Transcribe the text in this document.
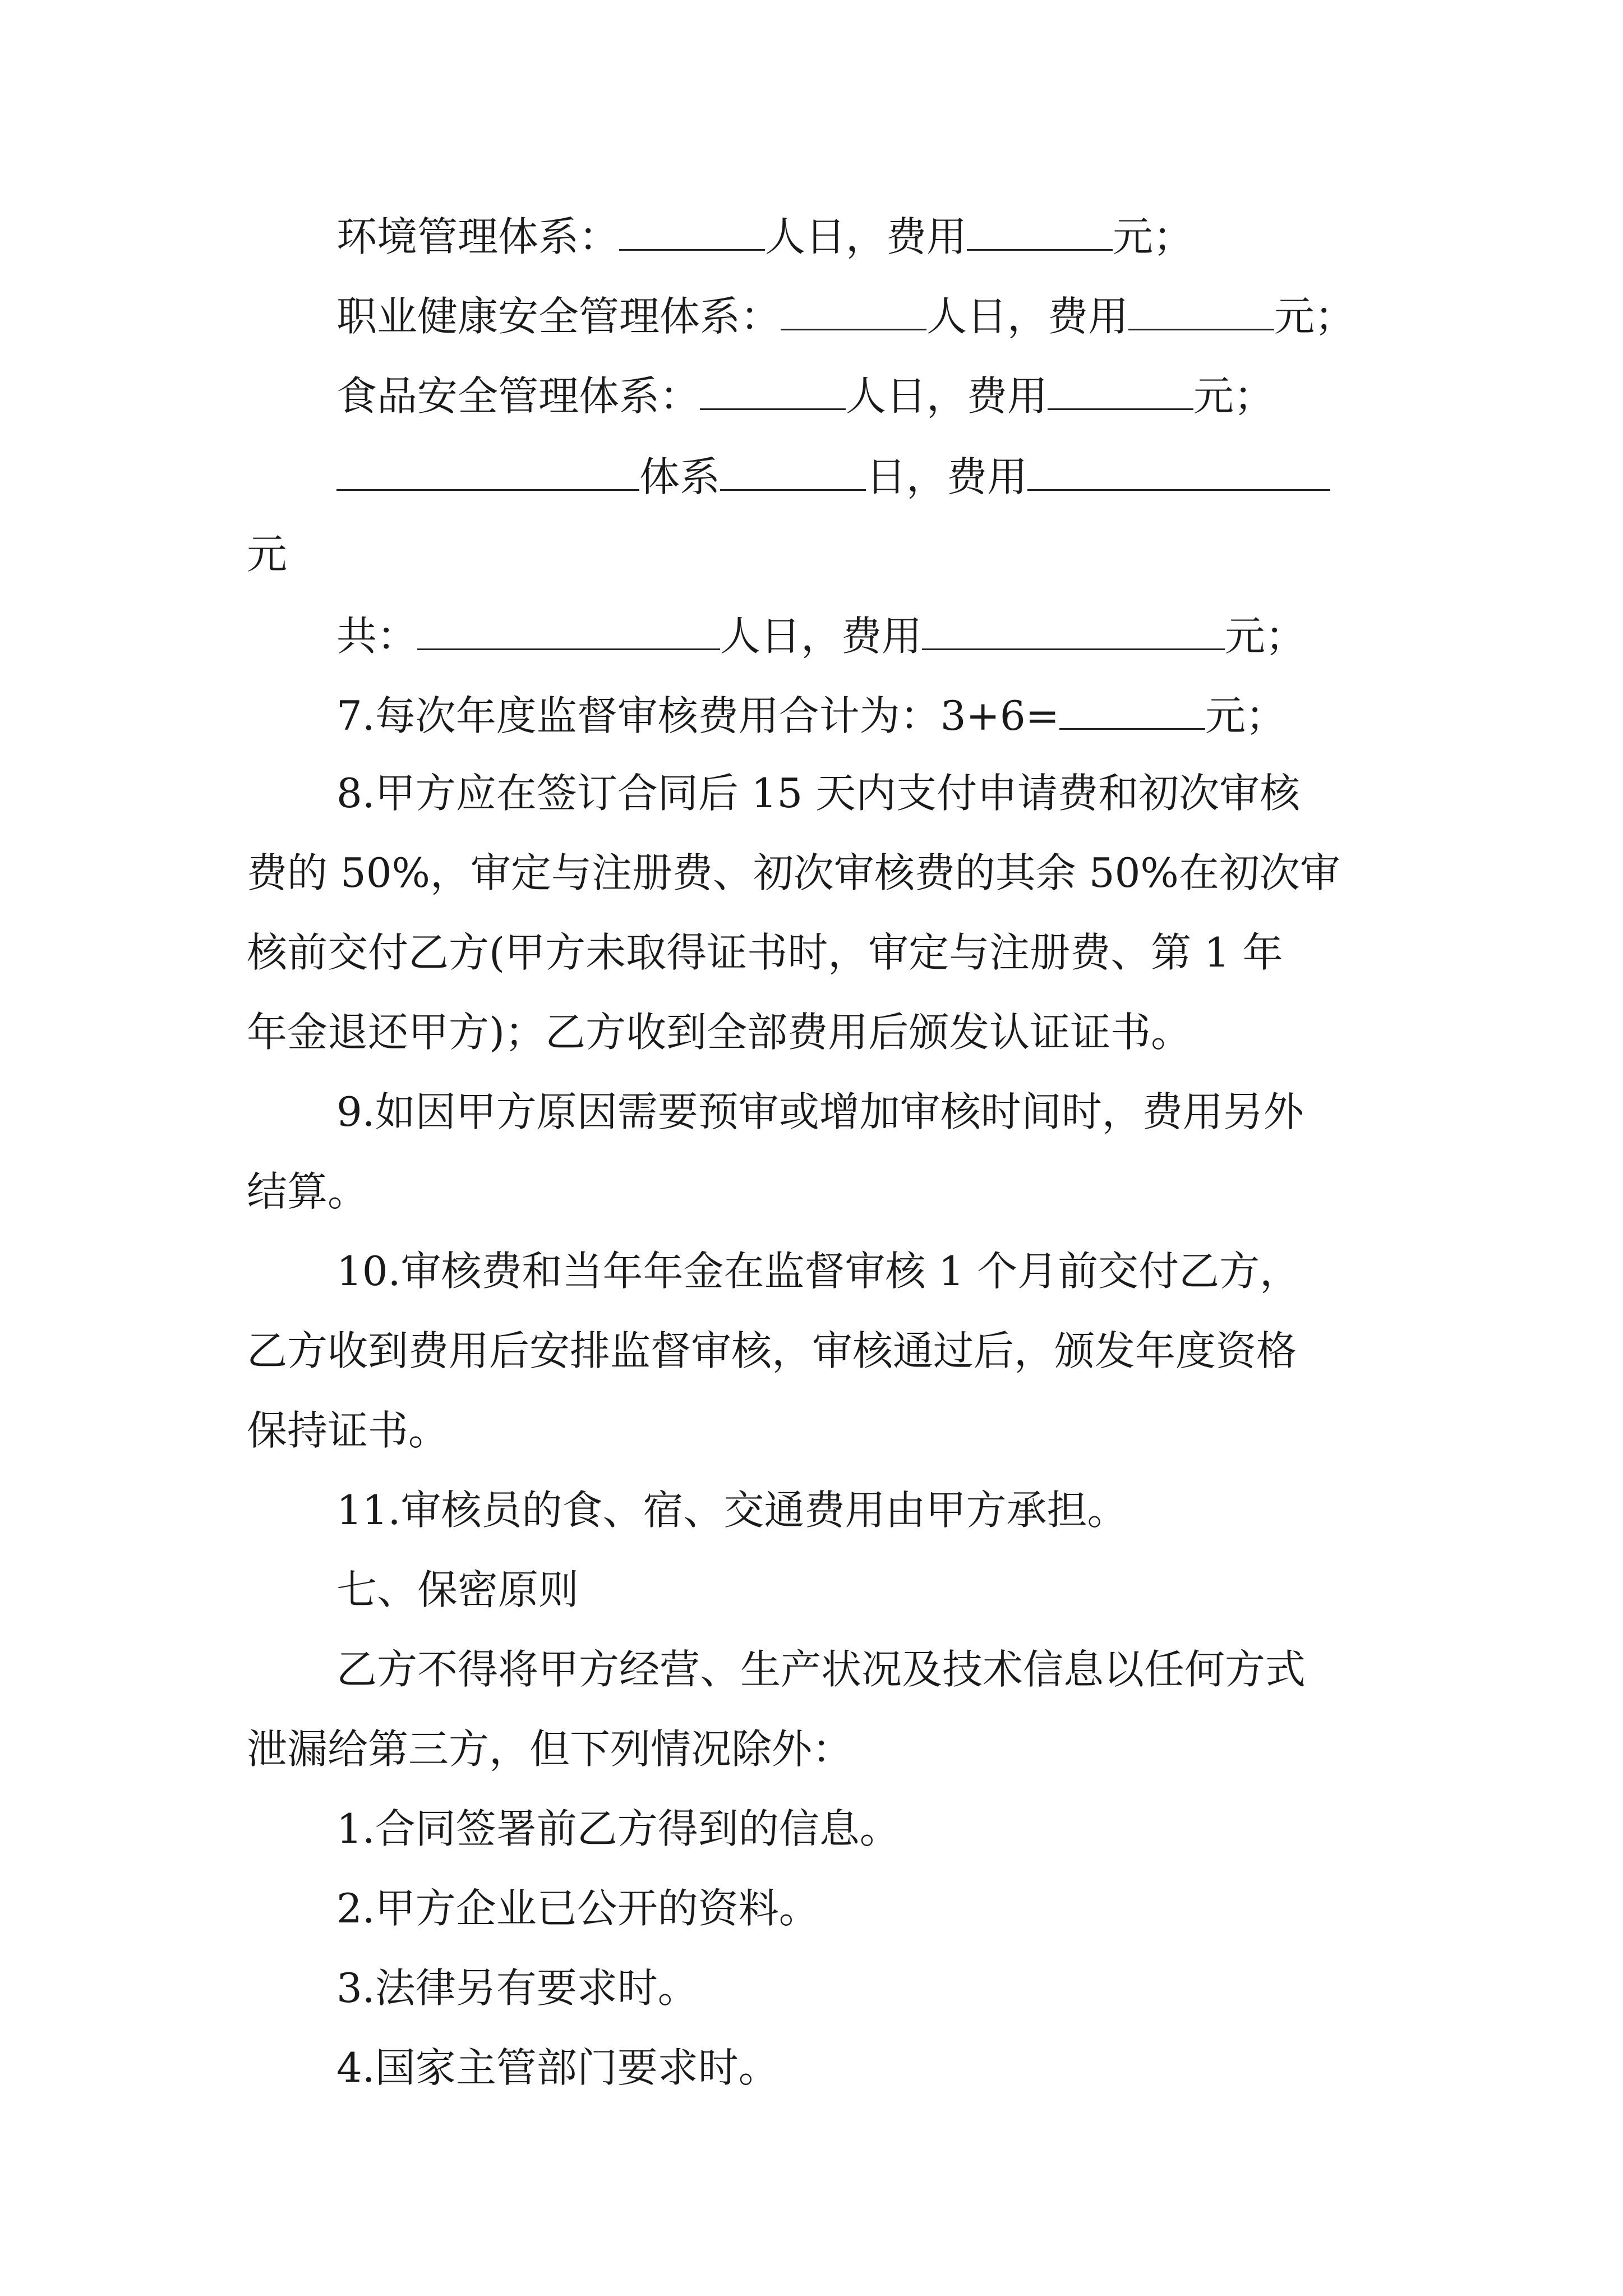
环境管理体系：	人日，费用	元；
职业健康安全管理体系：	人日，费用	元；
食品安全管理体系：	人日，费用	元；
体系	日，费用
元
共：	人日，费用	元；
7.每次年度监督审核费用合计为：3+6=	元；
8.甲方应在签订合同后 15 天内支付申请费和初次审核
费的 50%，审定与注册费、初次审核费的其余 50%在初次审
核前交付乙方(甲方未取得证书时，审定与注册费、第 1 年
年金退还甲方)；乙方收到全部费用后颁发认证证书。
9.如因甲方原因需要预审或增加审核时间时，费用另外
结算。
10.审核费和当年年金在监督审核 1 个月前交付乙方，
乙方收到费用后安排监督审核，审核通过后，颁发年度资格
保持证书。
11.审核员的食、宿、交通费用由甲方承担。
七、保密原则
乙方不得将甲方经营、生产状况及技术信息以任何方式
泄漏给第三方，但下列情况除外：
1.合同签署前乙方得到的信息。
2.甲方企业已公开的资料。
3.法律另有要求时。
4.国家主管部门要求时。
